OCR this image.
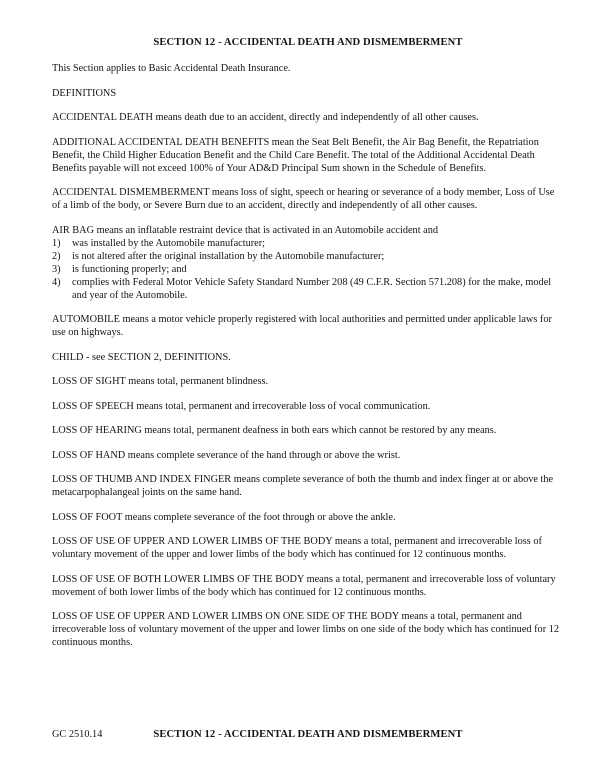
SECTION 12 - ACCIDENTAL DEATH AND DISMEMBERMENT

This Section applies to Basic Accidental Death Insurance.

DEFINITIONS

ACCIDENTAL DEATH means death due to an accident, directly and independently of all other causes.

ADDITIONAL ACCIDENTAL DEATH BENEFITS mean the Seat Belt Benefit, the Air Bag Benefit, the Repatriation Benefit, the Child Higher Education Benefit and the Child Care Benefit. The total of the Additional Accidental Death Benefits payable will not exceed 100% of Your AD&D Principal Sum shown in the Schedule of Benefits.

ACCIDENTAL DISMEMBERMENT means loss of sight, speech or hearing or severance of a body member, Loss of Use of a limb of the body, or Severe Burn due to an accident, directly and independently of all other causes.

AIR BAG means an inflatable restraint device that is activated in an Automobile accident and
1)	was installed by the Automobile manufacturer;
2)	is not altered after the original installation by the Automobile manufacturer;
3)	is functioning properly; and
4)	complies with Federal Motor Vehicle Safety Standard Number 208 (49 C.F.R. Section 571.208) for the make, model and year of the Automobile.

AUTOMOBILE means a motor vehicle properly registered with local authorities and permitted under applicable laws for use on highways.

CHILD - see SECTION 2, DEFINITIONS.

LOSS OF SIGHT means total, permanent blindness.

LOSS OF SPEECH means total, permanent and irrecoverable loss of vocal communication.

LOSS OF HEARING means total, permanent deafness in both ears which cannot be restored by any means.

LOSS OF HAND means complete severance of the hand through or above the wrist.

LOSS OF THUMB AND INDEX FINGER means complete severance of both the thumb and index finger at or above the metacarpophalangeal joints on the same hand.

LOSS OF FOOT means complete severance of the foot through or above the ankle.

LOSS OF USE OF UPPER AND LOWER LIMBS OF THE BODY means a total, permanent and irrecoverable loss of voluntary movement of the upper and lower limbs of the body which has continued for 12 continuous months.

LOSS OF USE OF BOTH LOWER LIMBS OF THE BODY means a total, permanent and irrecoverable loss of voluntary movement of both lower limbs of the body which has continued for 12 continuous months.

LOSS OF USE OF UPPER AND LOWER LIMBS ON ONE SIDE OF THE BODY means a total, permanent and irrecoverable loss of voluntary movement of the upper and lower limbs on one side of the body which has continued for 12 continuous months.

SECTION 12 - ACCIDENTAL DEATH AND DISMEMBERMENT
GC 2510.14
